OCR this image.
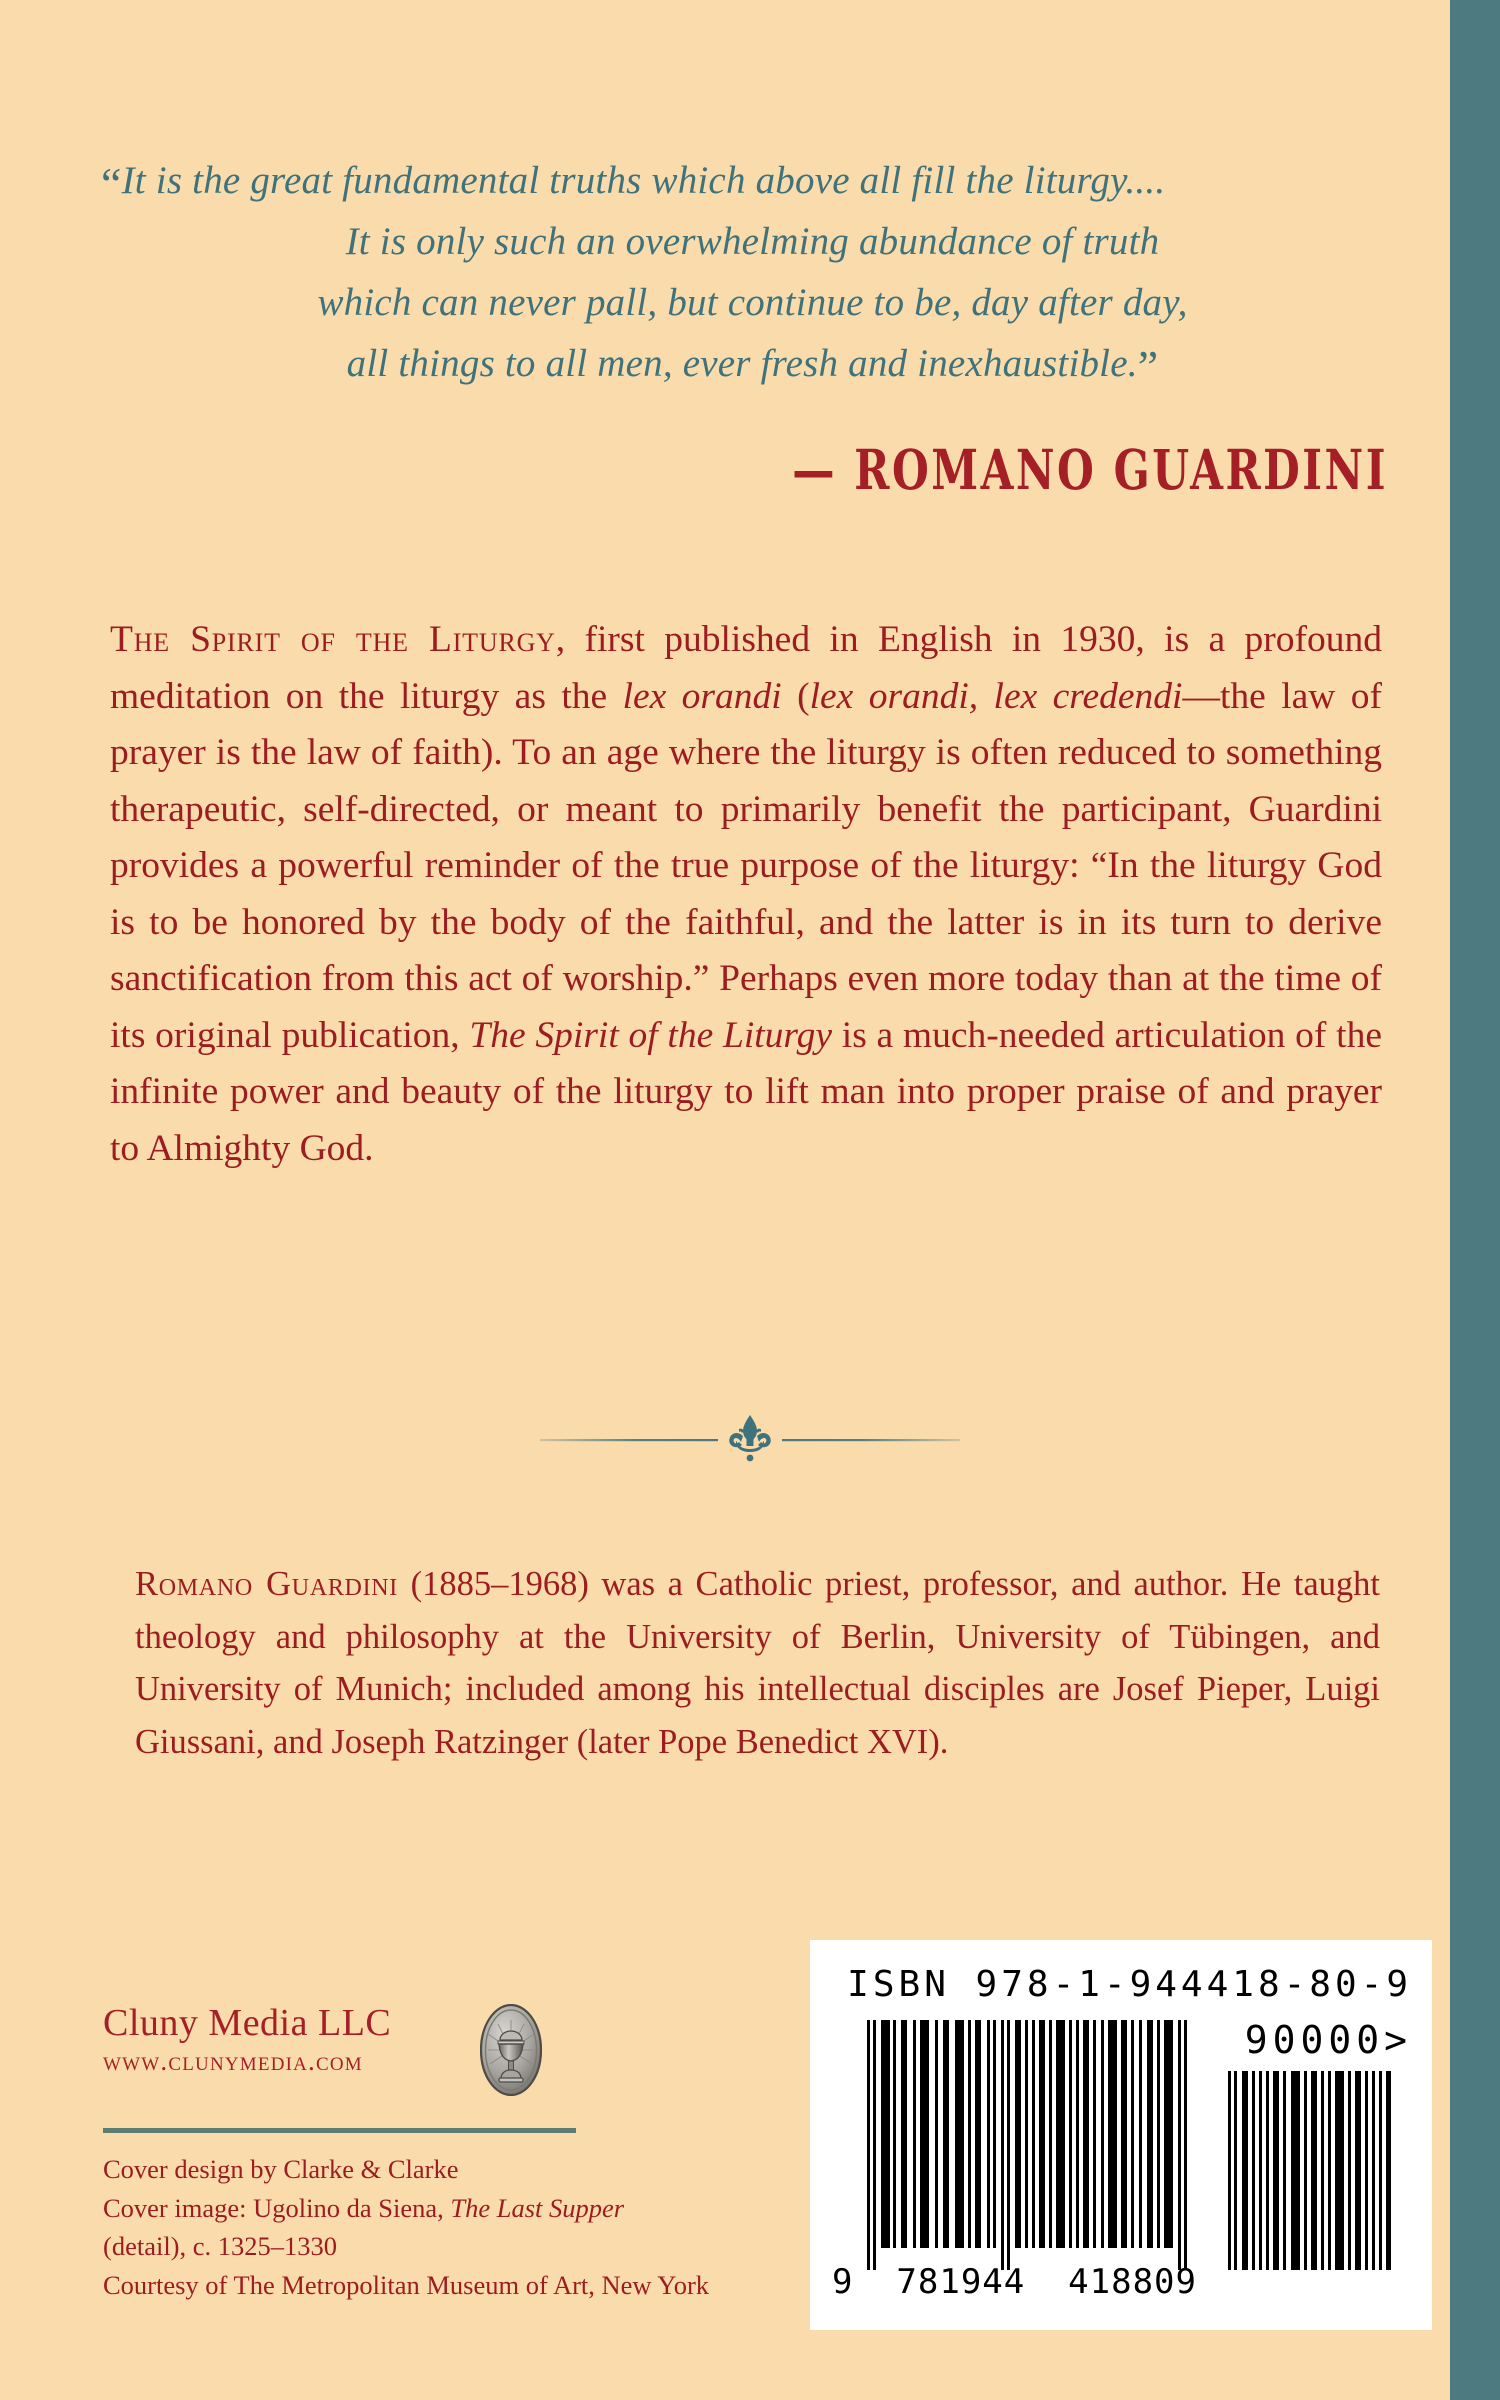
“It is the great fundamental truths which above all fill the liturgy....
It is only such an overwhelming abundance of truth
which can never pall, but continue to be, day after day,
all things to all men, ever fresh and inexhaustible.”
— ROMANO GUARDINI
The Spirit of the Liturgy, first published in English in 1930, is a profound meditation on the liturgy as the lex orandi (lex orandi, lex credendi—the law of prayer is the law of faith). To an age where the liturgy is often reduced to something therapeutic, self-directed, or meant to primarily benefit the participant, Guardini provides a powerful reminder of the true purpose of the liturgy: “In the liturgy God is to be honored by the body of the faithful, and the latter is in its turn to derive sanctification from this act of worship.” Perhaps even more today than at the time of its original publication, The Spirit of the Liturgy is a much-needed articulation of the infinite power and beauty of the liturgy to lift man into proper praise of and prayer to Almighty God.
Romano Guardini (1885–1968) was a Catholic priest, professor, and author. He taught theology and philosophy at the University of Berlin, University of Tübingen, and University of Munich; included among his intellectual disciples are Josef Pieper, Luigi Giussani, and Joseph Ratzinger (later Pope Benedict XVI).
Cluny Media LLC
www.clunymedia.com
Cover design by Clarke & Clarke
Cover image: Ugolino da Siena, The Last Supper
(detail), c. 1325–1330
Courtesy of The Metropolitan Museum of Art, New York
ISBN 978-1-944418-80-9
90000>
9  781944  418809
